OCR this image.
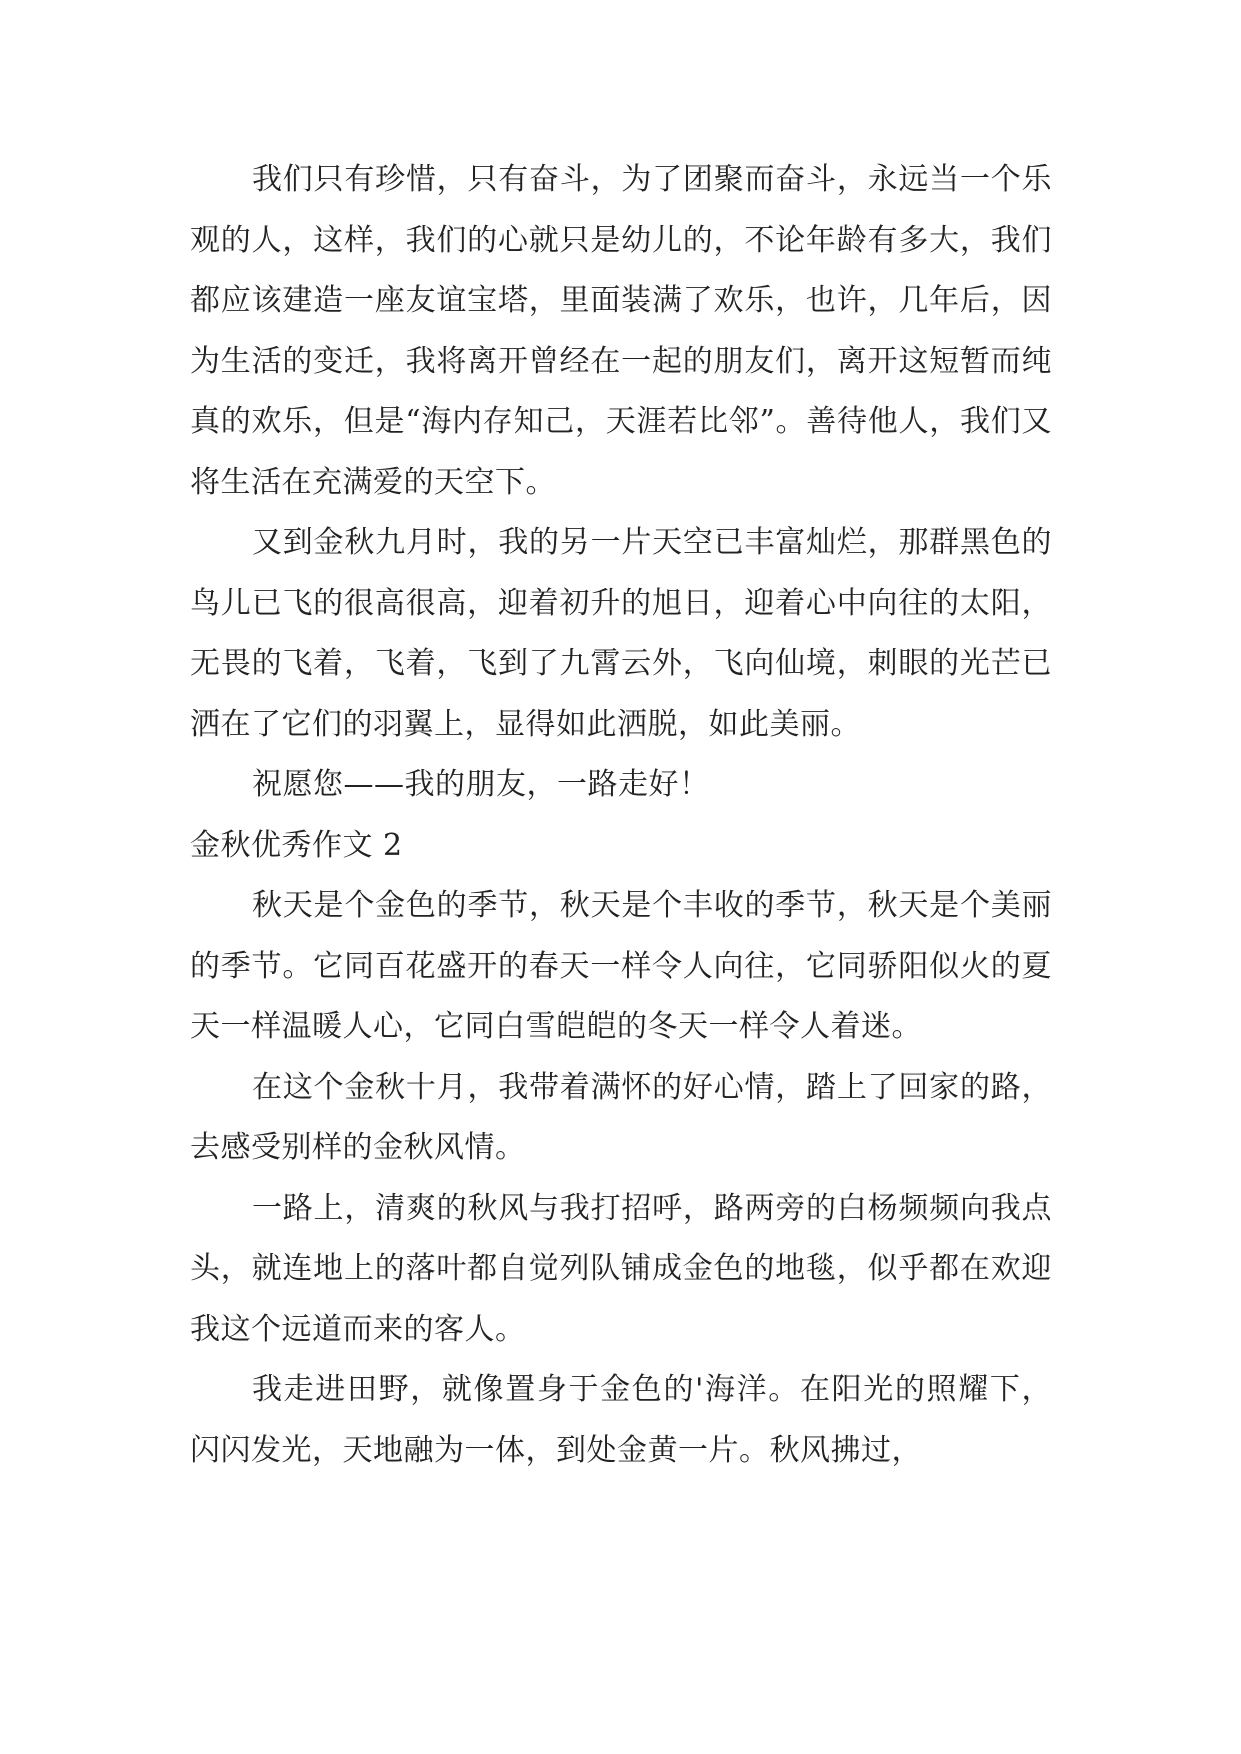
我们只有珍惜，只有奋斗，为了团聚而奋斗，永远当一个乐观的人，这样，我们的心就只是幼儿的，不论年龄有多大，我们都应该建造一座友谊宝塔，里面装满了欢乐，也许，几年后，因为生活的变迁，我将离开曾经在一起的朋友们，离开这短暂而纯真的欢乐，但是“海内存知己，天涯若比邻”。善待他人，我们又将生活在充满爱的天空下。

又到金秋九月时，我的另一片天空已丰富灿烂，那群黑色的鸟儿已飞的很高很高，迎着初升的旭日，迎着心中向往的太阳，无畏的飞着，飞着，飞到了九霄云外，飞向仙境，刺眼的光芒已洒在了它们的羽翼上，显得如此洒脱，如此美丽。

祝愿您——我的朋友，一路走好！

金秋优秀作文 2

秋天是个金色的季节，秋天是个丰收的季节，秋天是个美丽的季节。它同百花盛开的春天一样令人向往，它同骄阳似火的夏天一样温暖人心，它同白雪皑皑的冬天一样令人着迷。

在这个金秋十月，我带着满怀的好心情，踏上了回家的路，去感受别样的金秋风情。

一路上，清爽的秋风与我打招呼，路两旁的白杨频频向我点头，就连地上的落叶都自觉列队铺成金色的地毯，似乎都在欢迎我这个远道而来的客人。

我走进田野，就像置身于金色的'海洋。在阳光的照耀下，闪闪发光，天地融为一体，到处金黄一片。秋风拂过，
